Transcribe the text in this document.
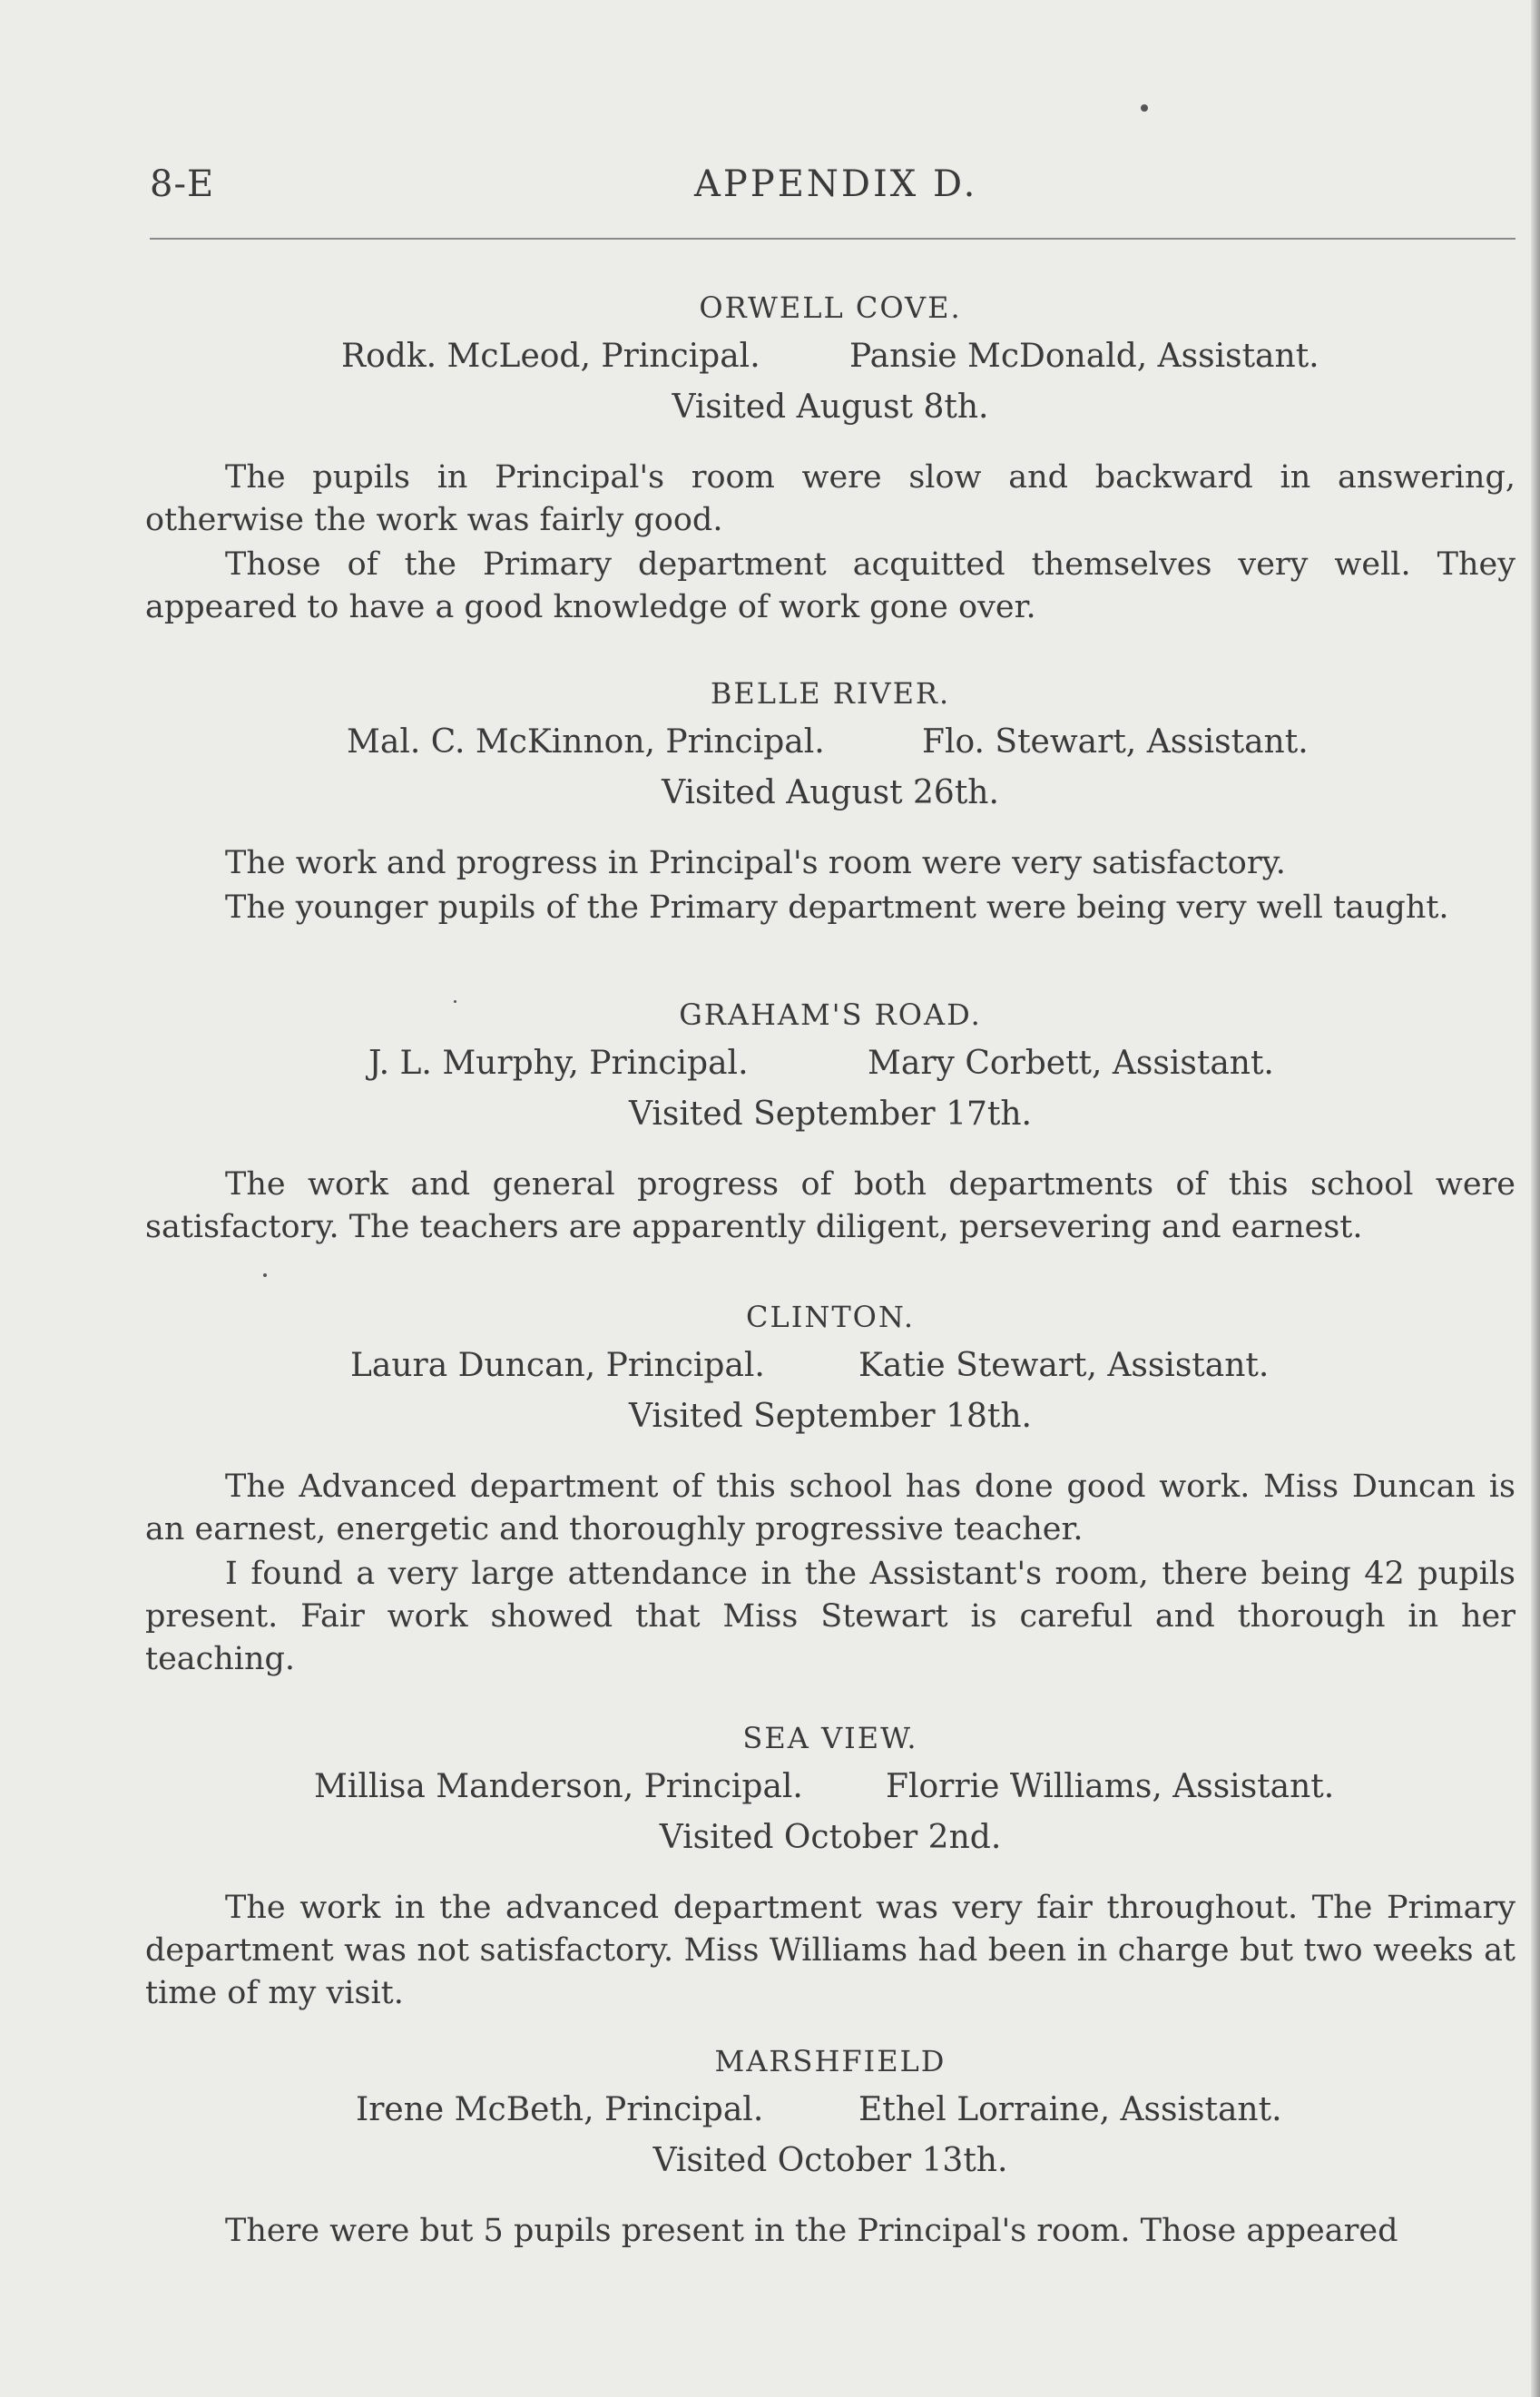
8-E	APPENDIX D.
ORWELL COVE.
Rodk. McLeod, Principal.	Pansie McDonald, Assistant.
Visited August 8th.

The pupils in Principal's room were slow and backward in answering, otherwise the work was fairly good.

Those of the Primary department acquitted themselves very well. They appeared to have a good knowledge of work gone over.

BELLE RIVER.
Mal. C. McKinnon, Principal.	Flo. Stewart, Assistant.
Visited August 26th.

The work and progress in Principal's room were very satisfactory.

The younger pupils of the Primary department were being very well taught.

GRAHAM'S ROAD.
J. L. Murphy, Principal.	Mary Corbett, Assistant.
Visited September 17th.

The work and general progress of both departments of this school were satisfactory. The teachers are apparently diligent, persevering and earnest.

CLINTON.
Laura Duncan, Principal.	Katie Stewart, Assistant.
Visited September 18th.

The Advanced department of this school has done good work. Miss Duncan is an earnest, energetic and thoroughly progressive teacher.

I found a very large attendance in the Assistant's room, there being 42 pupils present. Fair work showed that Miss Stewart is careful and thorough in her teaching.

SEA VIEW.
Millisa Manderson, Principal.	Florrie Williams, Assistant.
Visited October 2nd.

The work in the advanced department was very fair throughout. The Primary department was not satisfactory. Miss Williams had been in charge but two weeks at time of my visit.

MARSHFIELD
Irene McBeth, Principal.	Ethel Lorraine, Assistant.
Visited October 13th.

There were but 5 pupils present in the Principal's room. Those appeared
